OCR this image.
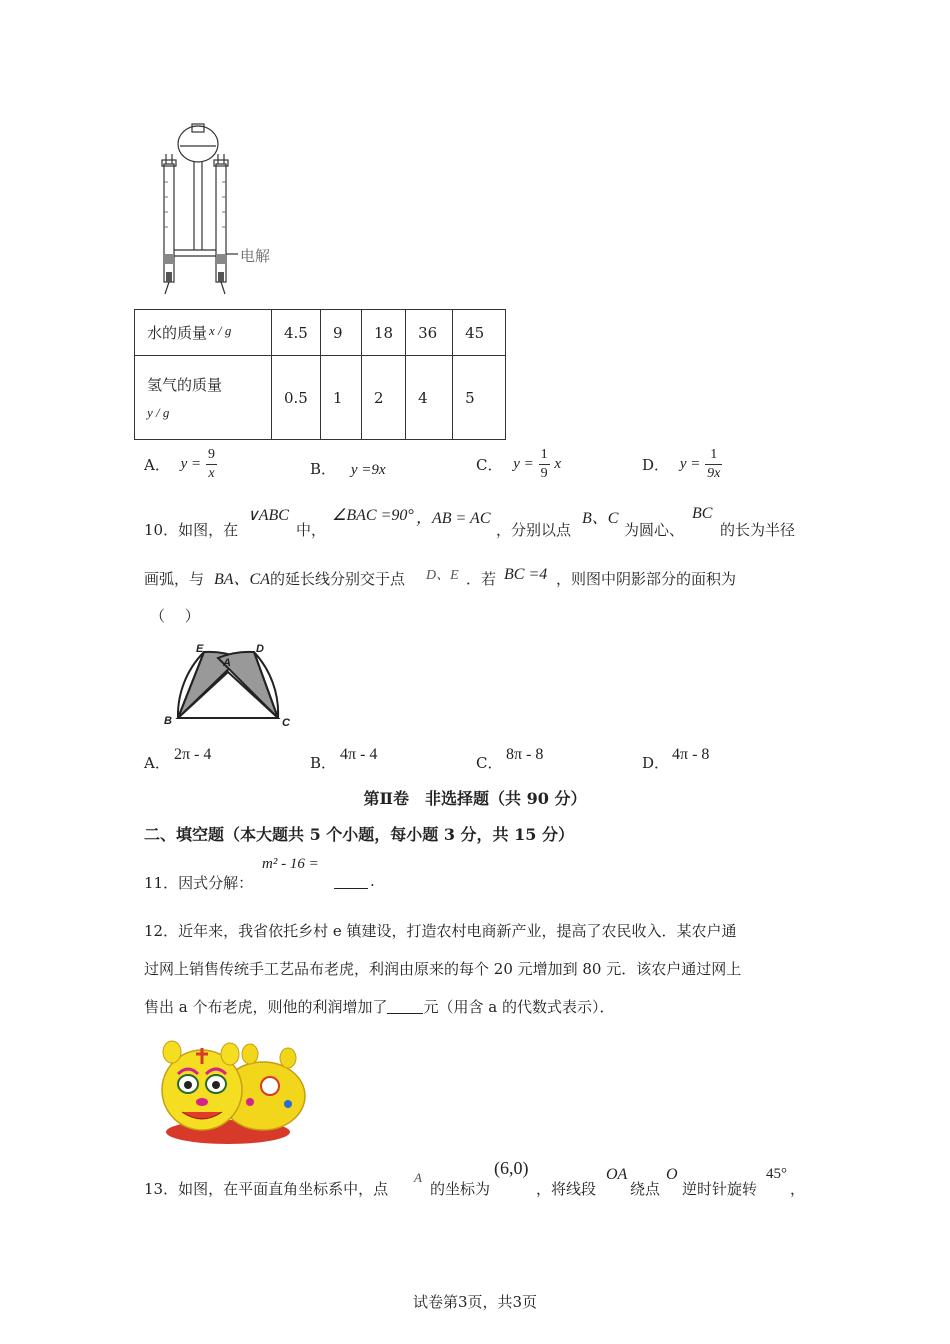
电解
水的质量 x / g	4.5	9	18	36	45

氢气的质量
y / g	0.5	1	2	4	5
A． $y = \frac{9}{x}$	B． y =9x	C． $y = \frac{1}{9}$ x	D． $y = \frac{1}{9x}$
10．如图，在
∨ABC
中，
∠BAC =90° ，AB = AC
，分别以点
B、C
为圆心、
BC
的长为半径
画弧，与 BA、CA 的延长线分别交于点 D、E ．若 BC =4 ，则图中阴影部分的面积为
（　 ）
E
A
D
B	C
A． 2π - 4	B． 4π - 4	C． 8π - 8	D． 4π - 8
第Ⅱ卷　非选择题（共 90 分）
二、填空题（本大题共 5 个小题，每小题 3 分，共 15 分）
11．因式分解：
m² - 16 =
.
12．近年来，我省依托乡村 e 镇建设，打造农村电商新产业，提高了农民收入．某农户通
过网上销售传统手工艺品布老虎，利润由原来的每个 20 元增加到 80 元．该农户通过网上
售出 a 个布老虎，则他的利润增加了 元（用含 a 的代数式表示）．
13．如图，在平面直角坐标系中，点
A
的坐标为
(6,0)
，将线段
OA
绕点
O
逆时针旋转
45°
，
试卷第3页，共3页
